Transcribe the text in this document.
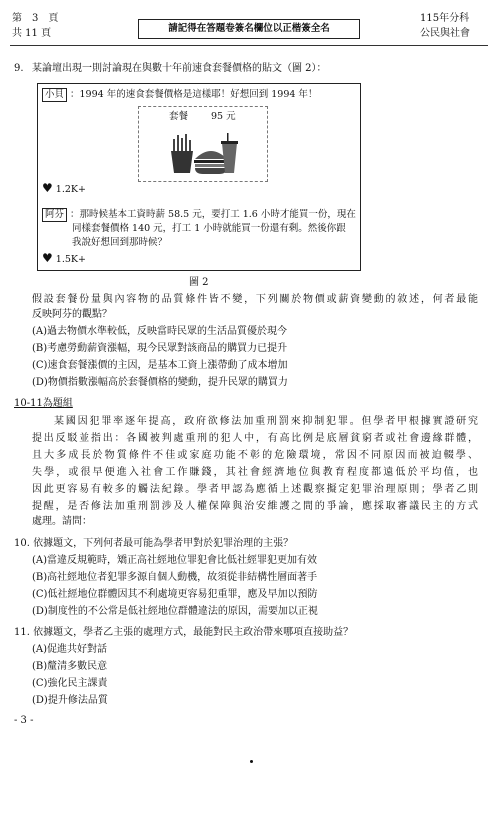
第　3　頁
共 11 頁	請記得在答題卷簽名欄位以正楷簽全名
115年分科
公民與社會
9. 某論壇出現一則討論現在與數十年前速食套餐價格的貼文（圖 2）：
小貝 ：1994 年的速食套餐價格是這樣耶！好想回到 1994 年！
套餐 95 元
♥ 1.2K+
阿芬 ：那時候基本工資時薪 58.5 元，要打工 1.6 小時才能買一份，現在
同樣套餐價格 140 元，打工 1 小時就能買一份還有剩。然後你跟
我說好想回到那時候？
♥ 1.5K+
圖 2
假設套餐份量與內容物的品質條件皆不變，下列關於物價或薪資變動的敘述，何者最能
反映阿芬的觀點？
(A)過去物價水準較低，反映當時民眾的生活品質優於現今
(B)考慮勞動薪資漲幅，現今民眾對該商品的購買力已提升
(C)速食套餐漲價的主因，是基本工資上漲帶動了成本增加
(D)物價指數漲幅高於套餐價格的變動，提升民眾的購買力
10-11為題組
某國因犯罪率逐年提高，政府欲修法加重刑罰來抑制犯罪。但學者甲根據實證研究
提出反駁並指出：各國被判處重刑的犯人中，有高比例是底層貧窮者或社會邊緣群體，
且大多成長於物質條件不佳或家庭功能不彰的危險環境，常因不同原因而被迫輟學、
失學，或很早便進入社會工作賺錢，其社會經濟地位與教育程度都遠低於平均值，也
因此更容易有較多的觸法紀錄。學者甲認為應循上述觀察擬定犯罪治理原則；學者乙則
提醒，是否修法加重刑罰涉及人權保障與治安維護之間的爭論，應採取審議民主的方式
處理。請問：
10. 依據題文，下列何者最可能為學者甲對於犯罪治理的主張？
(A)當違反規範時，矯正高社經地位罪犯會比低社經罪犯更加有效
(B)高社經地位者犯罪多源自個人動機，故須從非結構性層面著手
(C)低社經地位群體因其不利處境更容易犯重罪，應及早加以預防
(D)制度性的不公常是低社經地位群體違法的原因，需要加以正視
11. 依據題文，學者乙主張的處理方式，最能對民主政治帶來哪項直接助益？
(A)促進共好對話
(B)釐清多數民意
(C)強化民主課責
(D)提升修法品質
- 3 -
